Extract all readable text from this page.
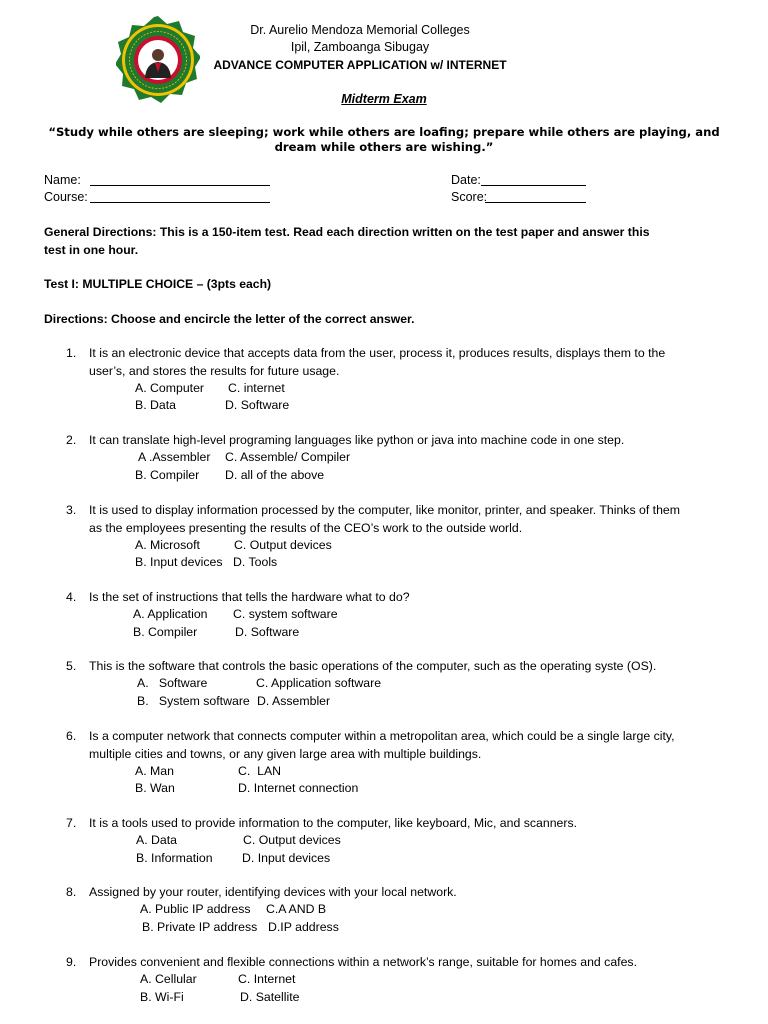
Dr. Aurelio Mendoza Memorial Colleges
Ipil, Zamboanga Sibugay
ADVANCE COMPUTER APPLICATION w/ INTERNET
Midterm Exam
“Study while others are sleeping; work while others are loafing; prepare while others are playing, and dream while others are wishing.”
Name:
Course:
Date:
Score:
General Directions: This is a 150-item test. Read each direction written on the test paper and answer this test in one hour.
Test I: MULTIPLE CHOICE – (3pts each)
Directions: Choose and encircle the letter of the correct answer.
1. It is an electronic device that accepts data from the user, process it, produces results, displays them to the user’s, and stores the results for future usage.
A. Computer C. internet
B. Data	D. Software
2. It can translate high-level programing languages like python or java into machine code in one step.
A .Assembler C. Assemble/ Compiler
B. Compiler D. all of the above
3. It is used to display information processed by the computer, like monitor, printer, and speaker. Thinks of them as the employees presenting the results of the CEO’s work to the outside world.
A. Microsoft	C. Output devices
B. Input devices D. Tools
4. Is the set of instructions that tells the hardware what to do?
A. Application C. system software
B. Compiler	D. Software
5. This is the software that controls the basic operations of the computer, such as the operating syste (OS).
A.   Software	C. Application software
B.   System software D. Assembler
6. Is a computer network that connects computer within a metropolitan area, which could be a single large city, multiple cities and towns, or any given large area with multiple buildings.
A. Man	C.  LAN
B. Wan	D. Internet connection
7. It is a tools used to provide information to the computer, like keyboard, Mic, and scanners.
A. Data	C. Output devices
B. Information D. Input devices
8. Assigned by your router, identifying devices with your local network.
A. Public IP address C.A AND B
B. Private IP address D.IP address
9. Provides convenient and flexible connections within a network’s range, suitable for homes and cafes.
A. Cellular	C. Internet
B. Wi-Fi	D. Satellite
